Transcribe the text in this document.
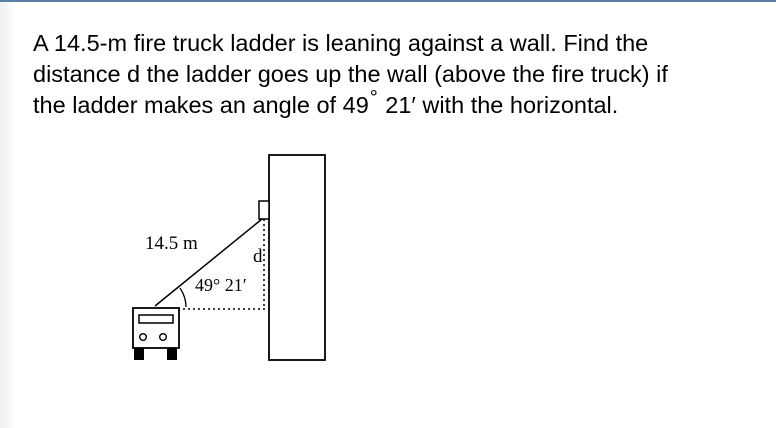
A 14.5-m fire truck ladder is leaning against a wall. Find the
distance d the ladder goes up the wall (above the fire truck) if
the ladder makes an angle of 49° 21′ with the horizontal.
14.5 m
d
49° 21′
